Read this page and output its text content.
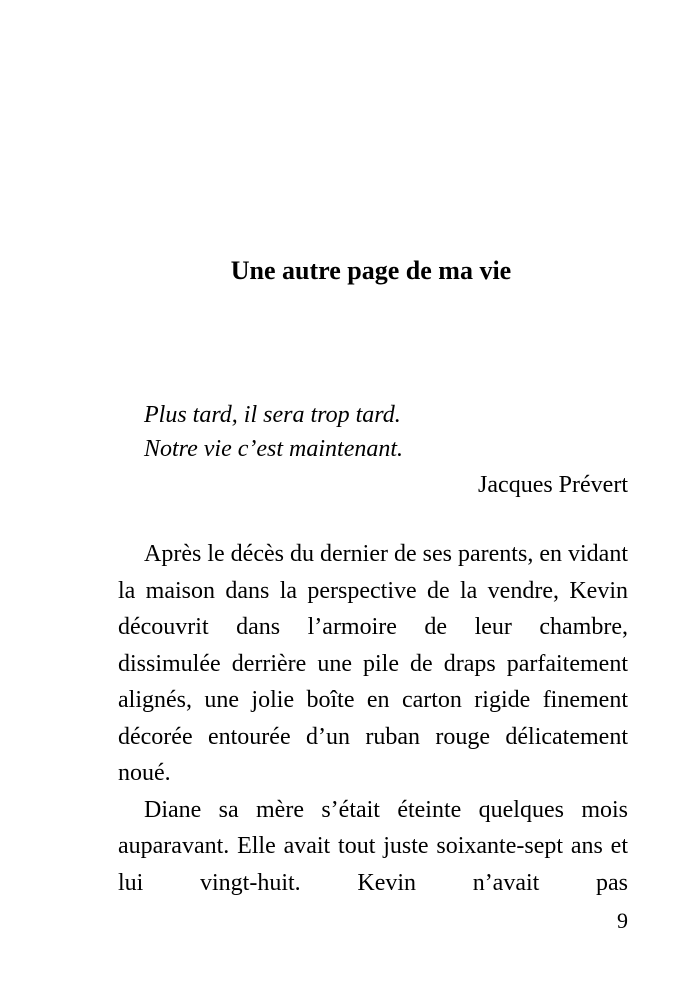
Une autre page de ma vie
Plus tard, il sera trop tard.
Notre vie c’est maintenant.
Jacques Prévert

Après le décès du dernier de ses parents, en vidant la maison dans la perspective de la vendre, Kevin découvrit dans l’armoire de leur chambre, dissimulée derrière une pile de draps parfaitement alignés, une jolie boîte en carton rigide finement décorée entourée d’un ruban rouge délicatement noué.

Diane sa mère s’était éteinte quelques mois auparavant. Elle avait tout juste soixante-sept ans et lui vingt-huit. Kevin n’avait pas

9
